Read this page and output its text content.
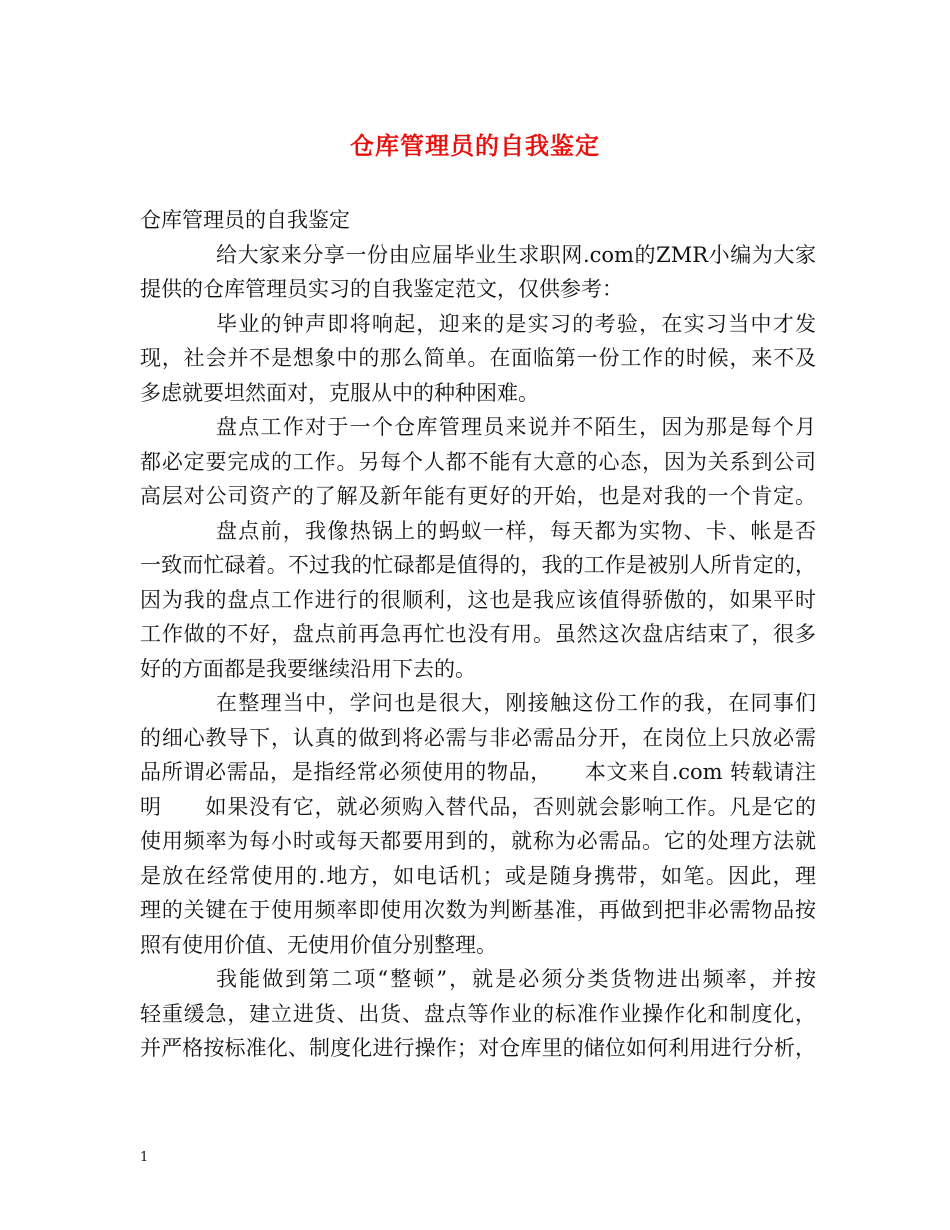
仓库管理员的自我鉴定
仓库管理员的自我鉴定
给大家来分享一份由应届毕业生求职网.com的ZMR小编为大家
提供的仓库管理员实习的自我鉴定范文，仅供参考：
毕业的钟声即将响起，迎来的是实习的考验，在实习当中才发
现，社会并不是想象中的那么简单。在面临第一份工作的时候，来不及
多虑就要坦然面对，克服从中的种种困难。
盘点工作对于一个仓库管理员来说并不陌生，因为那是每个月
都必定要完成的工作。另每个人都不能有大意的心态，因为关系到公司
高层对公司资产的了解及新年能有更好的开始，也是对我的一个肯定。
盘点前，我像热锅上的蚂蚁一样，每天都为实物、卡、帐是否
一致而忙碌着。不过我的忙碌都是值得的，我的工作是被别人所肯定的，
因为我的盘点工作进行的很顺利，这也是我应该值得骄傲的，如果平时
工作做的不好，盘点前再急再忙也没有用。虽然这次盘店结束了，很多
好的方面都是我要继续沿用下去的。
在整理当中，学问也是很大，刚接触这份工作的我，在同事们
的细心教导下，认真的做到将必需与非必需品分开，在岗位上只放必需
品所谓必需品，是指经常必须使用的物品，　　本文来自.com 转载请注
明　　如果没有它，就必须购入替代品，否则就会影响工作。凡是它的
使用频率为每小时或每天都要用到的，就称为必需品。它的处理方法就
是放在经常使用的.地方，如电话机；或是随身携带，如笔。因此，理
理的关键在于使用频率即使用次数为判断基准，再做到把非必需物品按
照有使用价值、无使用价值分别整理。
我能做到第二项“整顿”，就是必须分类货物进出频率，并按
轻重缓急，建立进货、出货、盘点等作业的标准作业操作化和制度化，
并严格按标准化、制度化进行操作；对仓库里的储位如何利用进行分析，
1
